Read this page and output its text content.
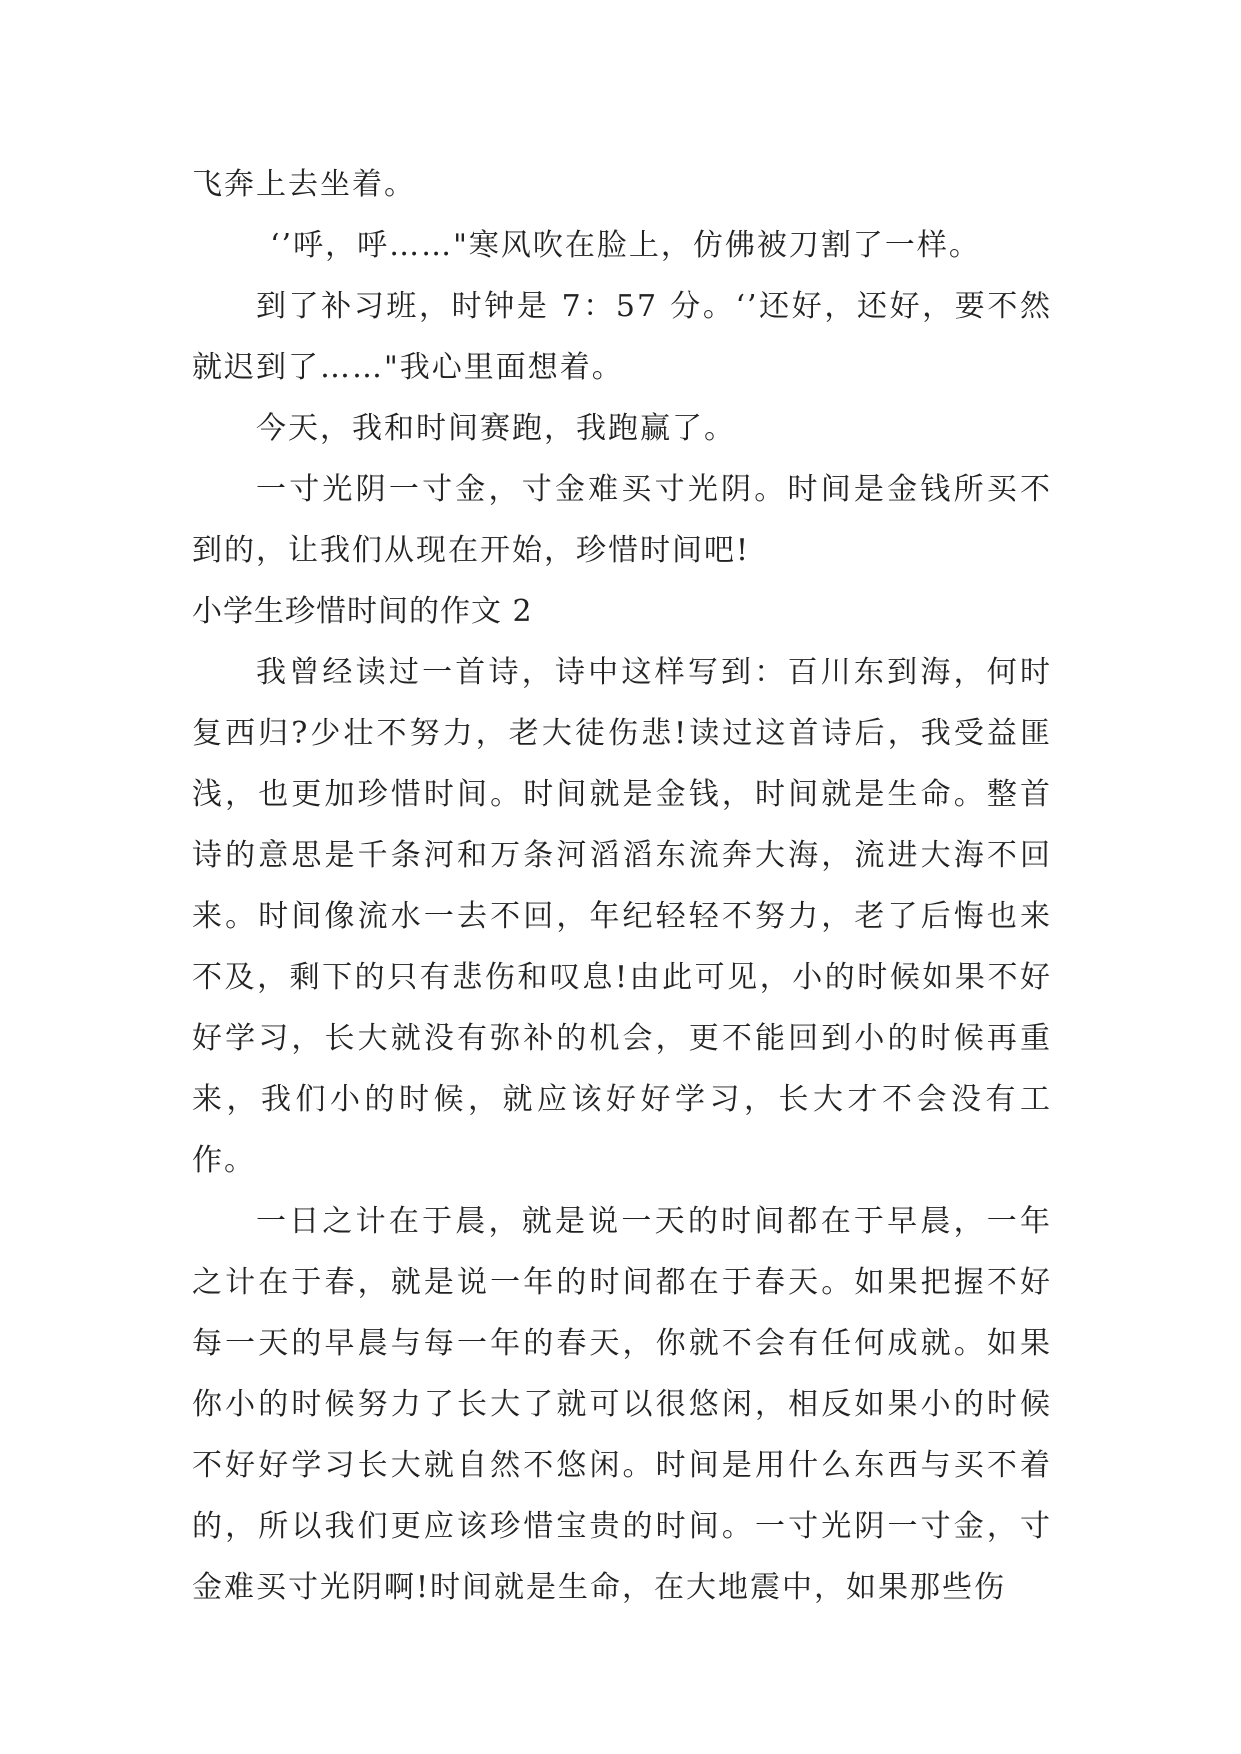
飞奔上去坐着。

‘’呼，呼……"寒风吹在脸上，仿佛被刀割了一样。

到了补习班，时钟是 7：57 分。‘’还好，还好，要不然就迟到了……"我心里面想着。

今天，我和时间赛跑，我跑赢了。

一寸光阴一寸金，寸金难买寸光阴。时间是金钱所买不到的，让我们从现在开始，珍惜时间吧!

小学生珍惜时间的作文 2

我曾经读过一首诗，诗中这样写到：百川东到海，何时复西归?少壮不努力，老大徒伤悲!读过这首诗后，我受益匪浅，也更加珍惜时间。时间就是金钱，时间就是生命。整首诗的意思是千条河和万条河滔滔东流奔大海，流进大海不回来。时间像流水一去不回，年纪轻轻不努力，老了后悔也来不及，剩下的只有悲伤和叹息!由此可见，小的时候如果不好好学习，长大就没有弥补的机会，更不能回到小的时候再重来，我们小的时候，就应该好好学习，长大才不会没有工作。

一日之计在于晨，就是说一天的时间都在于早晨，一年之计在于春，就是说一年的时间都在于春天。如果把握不好每一天的早晨与每一年的春天，你就不会有任何成就。如果你小的时候努力了长大了就可以很悠闲，相反如果小的时候不好好学习长大就自然不悠闲。时间是用什么东西与买不着的，所以我们更应该珍惜宝贵的时间。一寸光阴一寸金，寸金难买寸光阴啊!时间就是生命，在大地震中，如果那些伤
